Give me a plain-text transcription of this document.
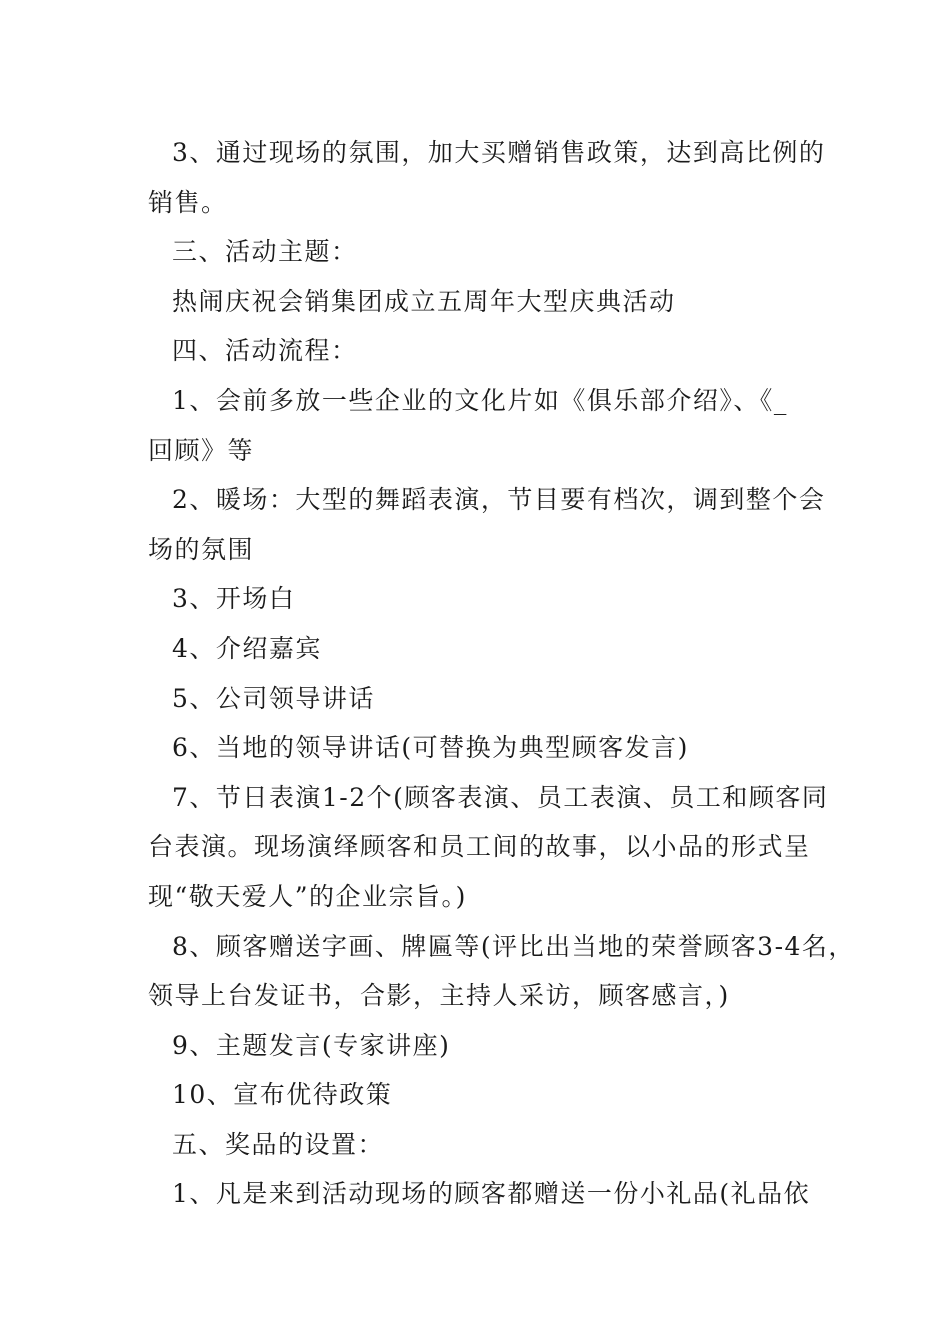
3、通过现场的氛围，加大买赠销售政策，达到高比例的
销售。
三、活动主题：
热闹庆祝会销集团成立五周年大型庆典活动
四、活动流程：
1、会前多放一些企业的文化片如《俱乐部介绍》、《_
回顾》等
2、暖场：大型的舞蹈表演，节目要有档次，调到整个会
场的氛围
3、开场白
4、介绍嘉宾
5、公司领导讲话
6、当地的领导讲话(可替换为典型顾客发言)
7、节日表演1-2个(顾客表演、员工表演、员工和顾客同
台表演。现场演绎顾客和员工间的故事，以小品的形式呈
现“敬天爱人”的企业宗旨。)
8、顾客赠送字画、牌匾等(评比出当地的荣誉顾客3-4名，
领导上台发证书，合影，主持人采访，顾客感言，)
9、主题发言(专家讲座)
10、宣布优待政策
五、奖品的设置：
1、凡是来到活动现场的顾客都赠送一份小礼品(礼品依
